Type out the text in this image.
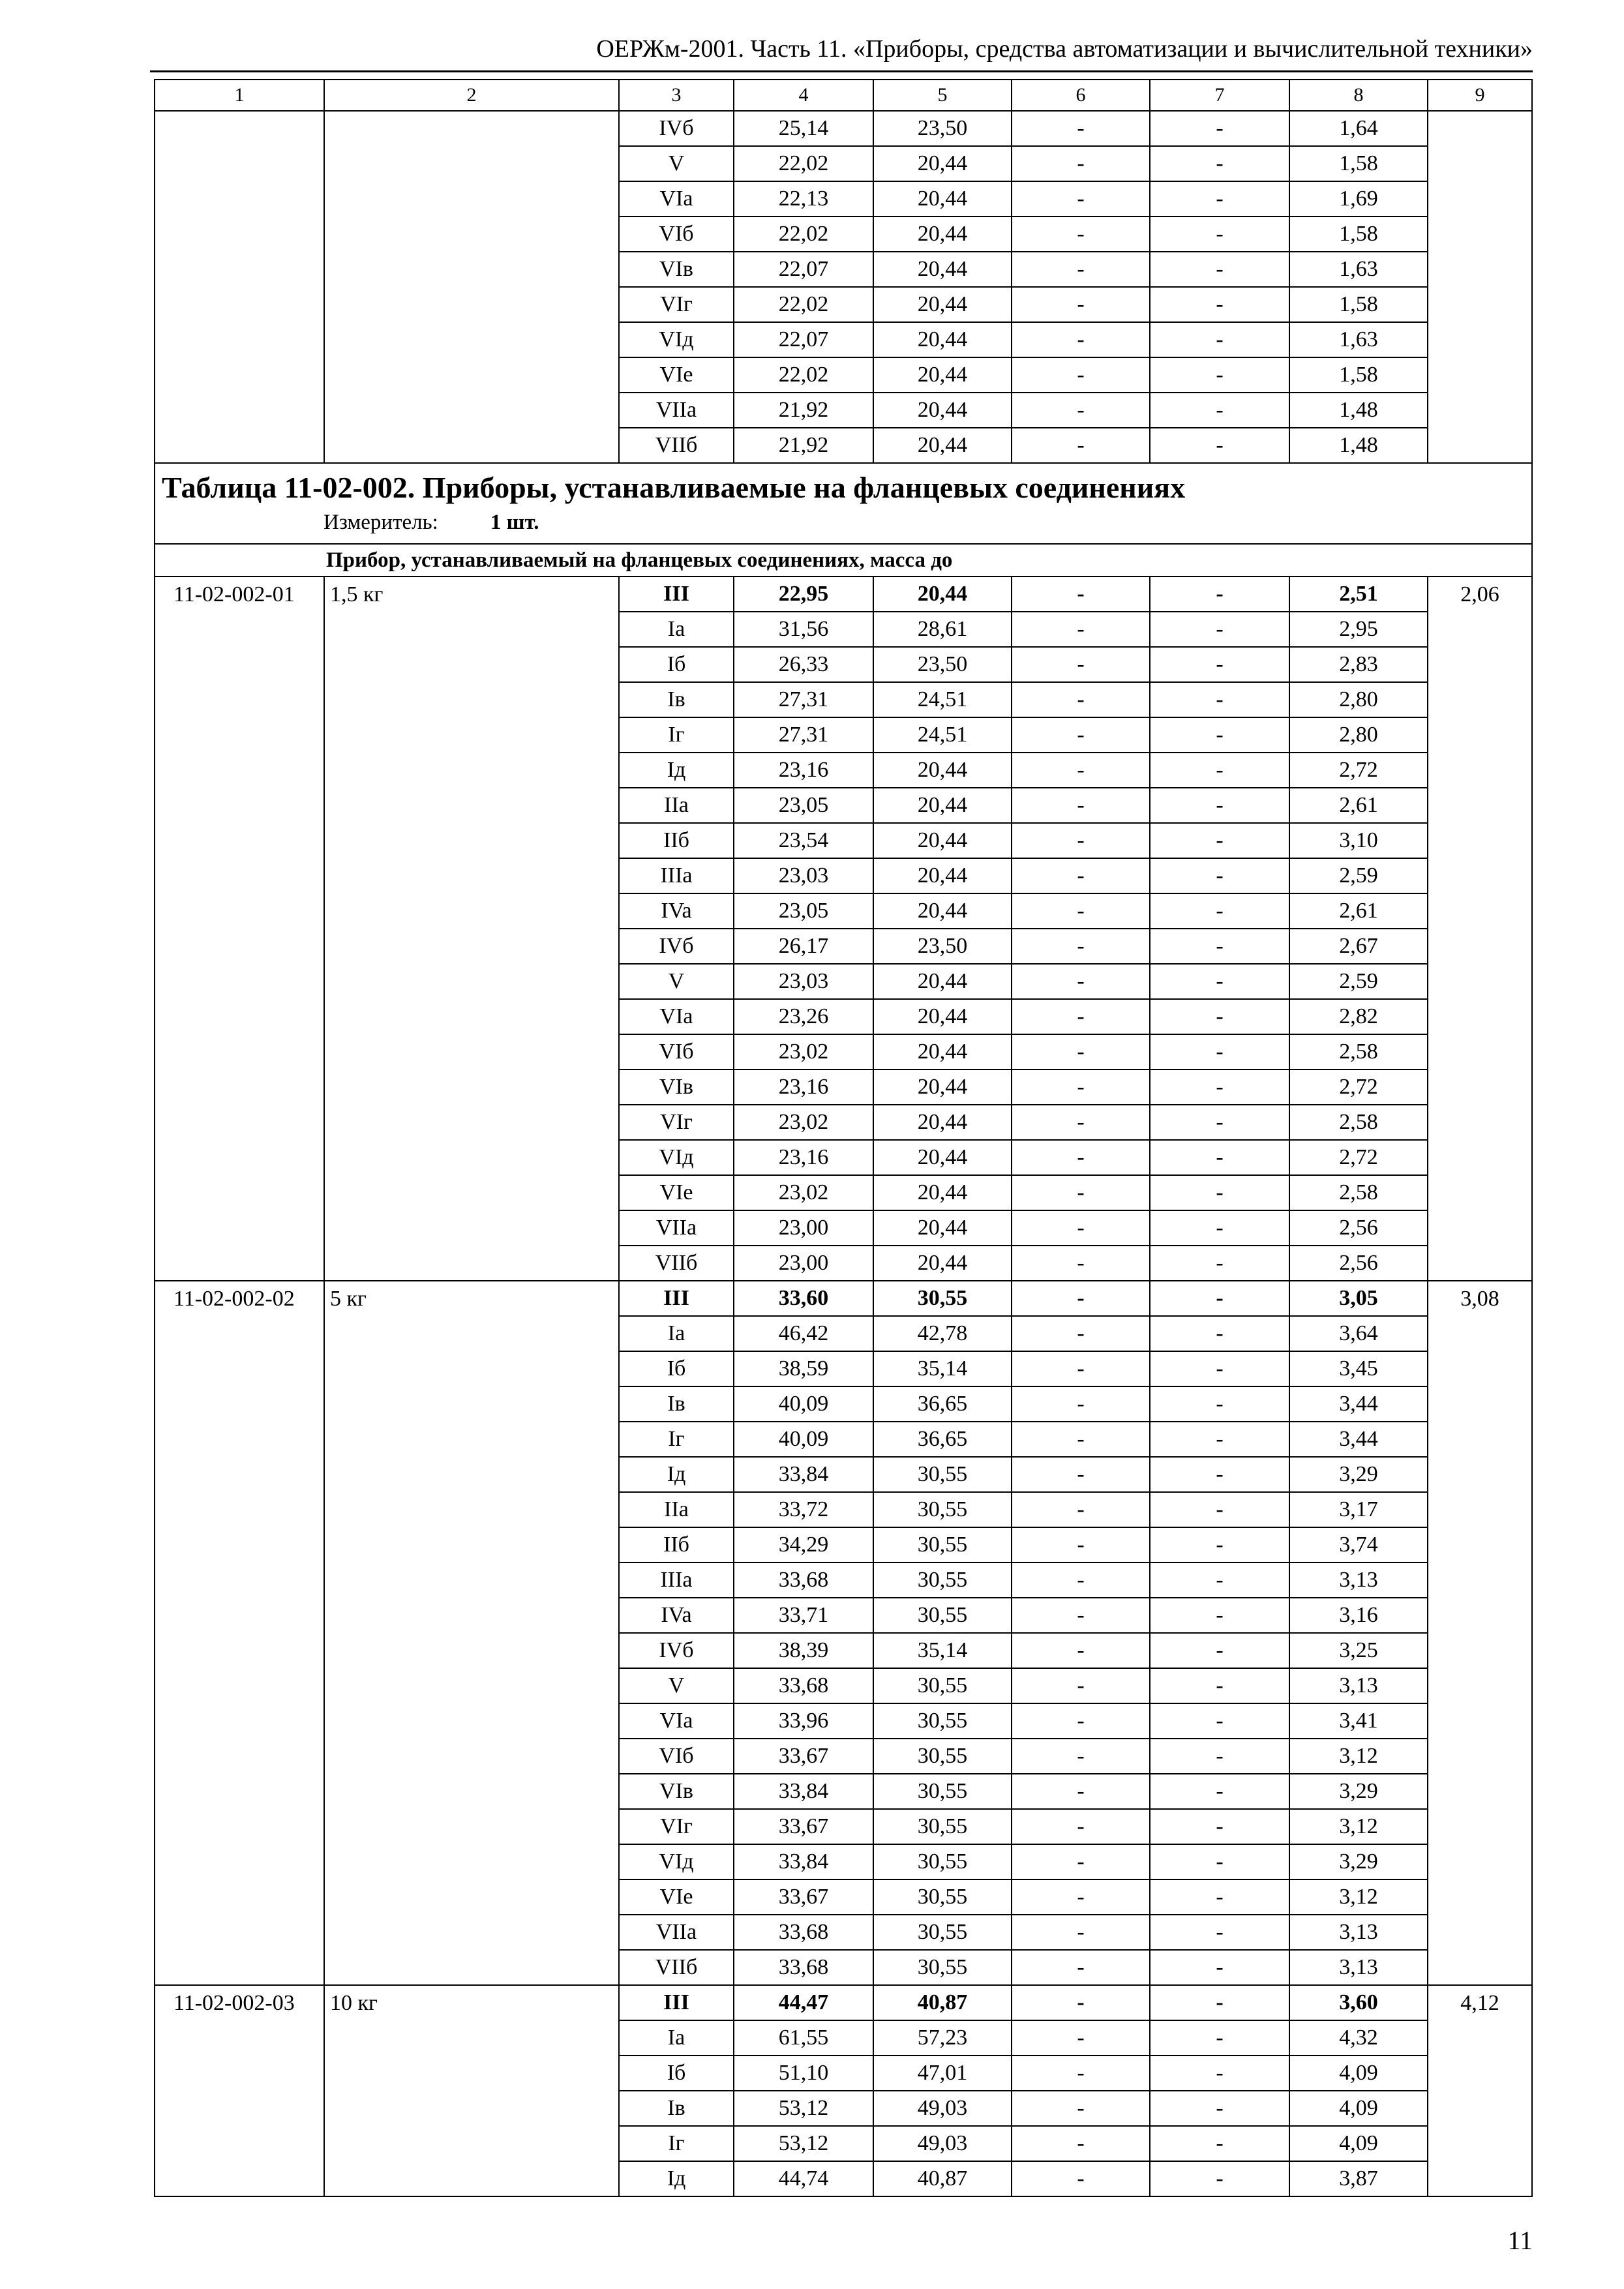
ОЕРЖм-2001. Часть 11. «Приборы, средства автоматизации и вычислительной техники»
1	2	3	4	5	6	7	8	9
		IVб	25,14	23,50	-	-	1,64	
		V	22,02	20,44	-	-	1,58	
		VIa	22,13	20,44	-	-	1,69	
		VIб	22,02	20,44	-	-	1,58	
		VIв	22,07	20,44	-	-	1,63	
		VIг	22,02	20,44	-	-	1,58	
		VIд	22,07	20,44	-	-	1,63	
		VIe	22,02	20,44	-	-	1,58	
		VIIa	21,92	20,44	-	-	1,48	
		VIIб	21,92	20,44	-	-	1,48	

Таблица 11-02-002. Приборы, устанавливаемые на фланцевых соединениях
Измеритель: 1 шт.								

Прибор, устанавливаемый на фланцевых соединениях, масса до								
11-02-002-01	1,5 кг	III	22,95	20,44	-	-	2,51	2,06
		Ia	31,56	28,61	-	-	2,95	
		Iб	26,33	23,50	-	-	2,83	
		Iв	27,31	24,51	-	-	2,80	
		Iг	27,31	24,51	-	-	2,80	
		Iд	23,16	20,44	-	-	2,72	
		IIa	23,05	20,44	-	-	2,61	
		IIб	23,54	20,44	-	-	3,10	
		IIIa	23,03	20,44	-	-	2,59	
		IVa	23,05	20,44	-	-	2,61	
		IVб	26,17	23,50	-	-	2,67	
		V	23,03	20,44	-	-	2,59	
		VIa	23,26	20,44	-	-	2,82	
		VIб	23,02	20,44	-	-	2,58	
		VIв	23,16	20,44	-	-	2,72	
		VIг	23,02	20,44	-	-	2,58	
		VIд	23,16	20,44	-	-	2,72	
		VIe	23,02	20,44	-	-	2,58	
		VIIa	23,00	20,44	-	-	2,56	
		VIIб	23,00	20,44	-	-	2,56	
11-02-002-02	5 кг	III	33,60	30,55	-	-	3,05	3,08
		Ia	46,42	42,78	-	-	3,64	
		Iб	38,59	35,14	-	-	3,45	
		Iв	40,09	36,65	-	-	3,44	
		Iг	40,09	36,65	-	-	3,44	
		Iд	33,84	30,55	-	-	3,29	
		IIa	33,72	30,55	-	-	3,17	
		IIб	34,29	30,55	-	-	3,74	
		IIIa	33,68	30,55	-	-	3,13	
		IVa	33,71	30,55	-	-	3,16	
		IVб	38,39	35,14	-	-	3,25	
		V	33,68	30,55	-	-	3,13	
		VIa	33,96	30,55	-	-	3,41	
		VIб	33,67	30,55	-	-	3,12	
		VIв	33,84	30,55	-	-	3,29	
		VIг	33,67	30,55	-	-	3,12	
		VIд	33,84	30,55	-	-	3,29	
		VIe	33,67	30,55	-	-	3,12	
		VIIa	33,68	30,55	-	-	3,13	
		VIIб	33,68	30,55	-	-	3,13	
11-02-002-03	10 кг	III	44,47	40,87	-	-	3,60	4,12
		Ia	61,55	57,23	-	-	4,32	
		Iб	51,10	47,01	-	-	4,09	
		Iв	53,12	49,03	-	-	4,09	
		Iг	53,12	49,03	-	-	4,09	
		Iд	44,74	40,87	-	-	3,87	
11
